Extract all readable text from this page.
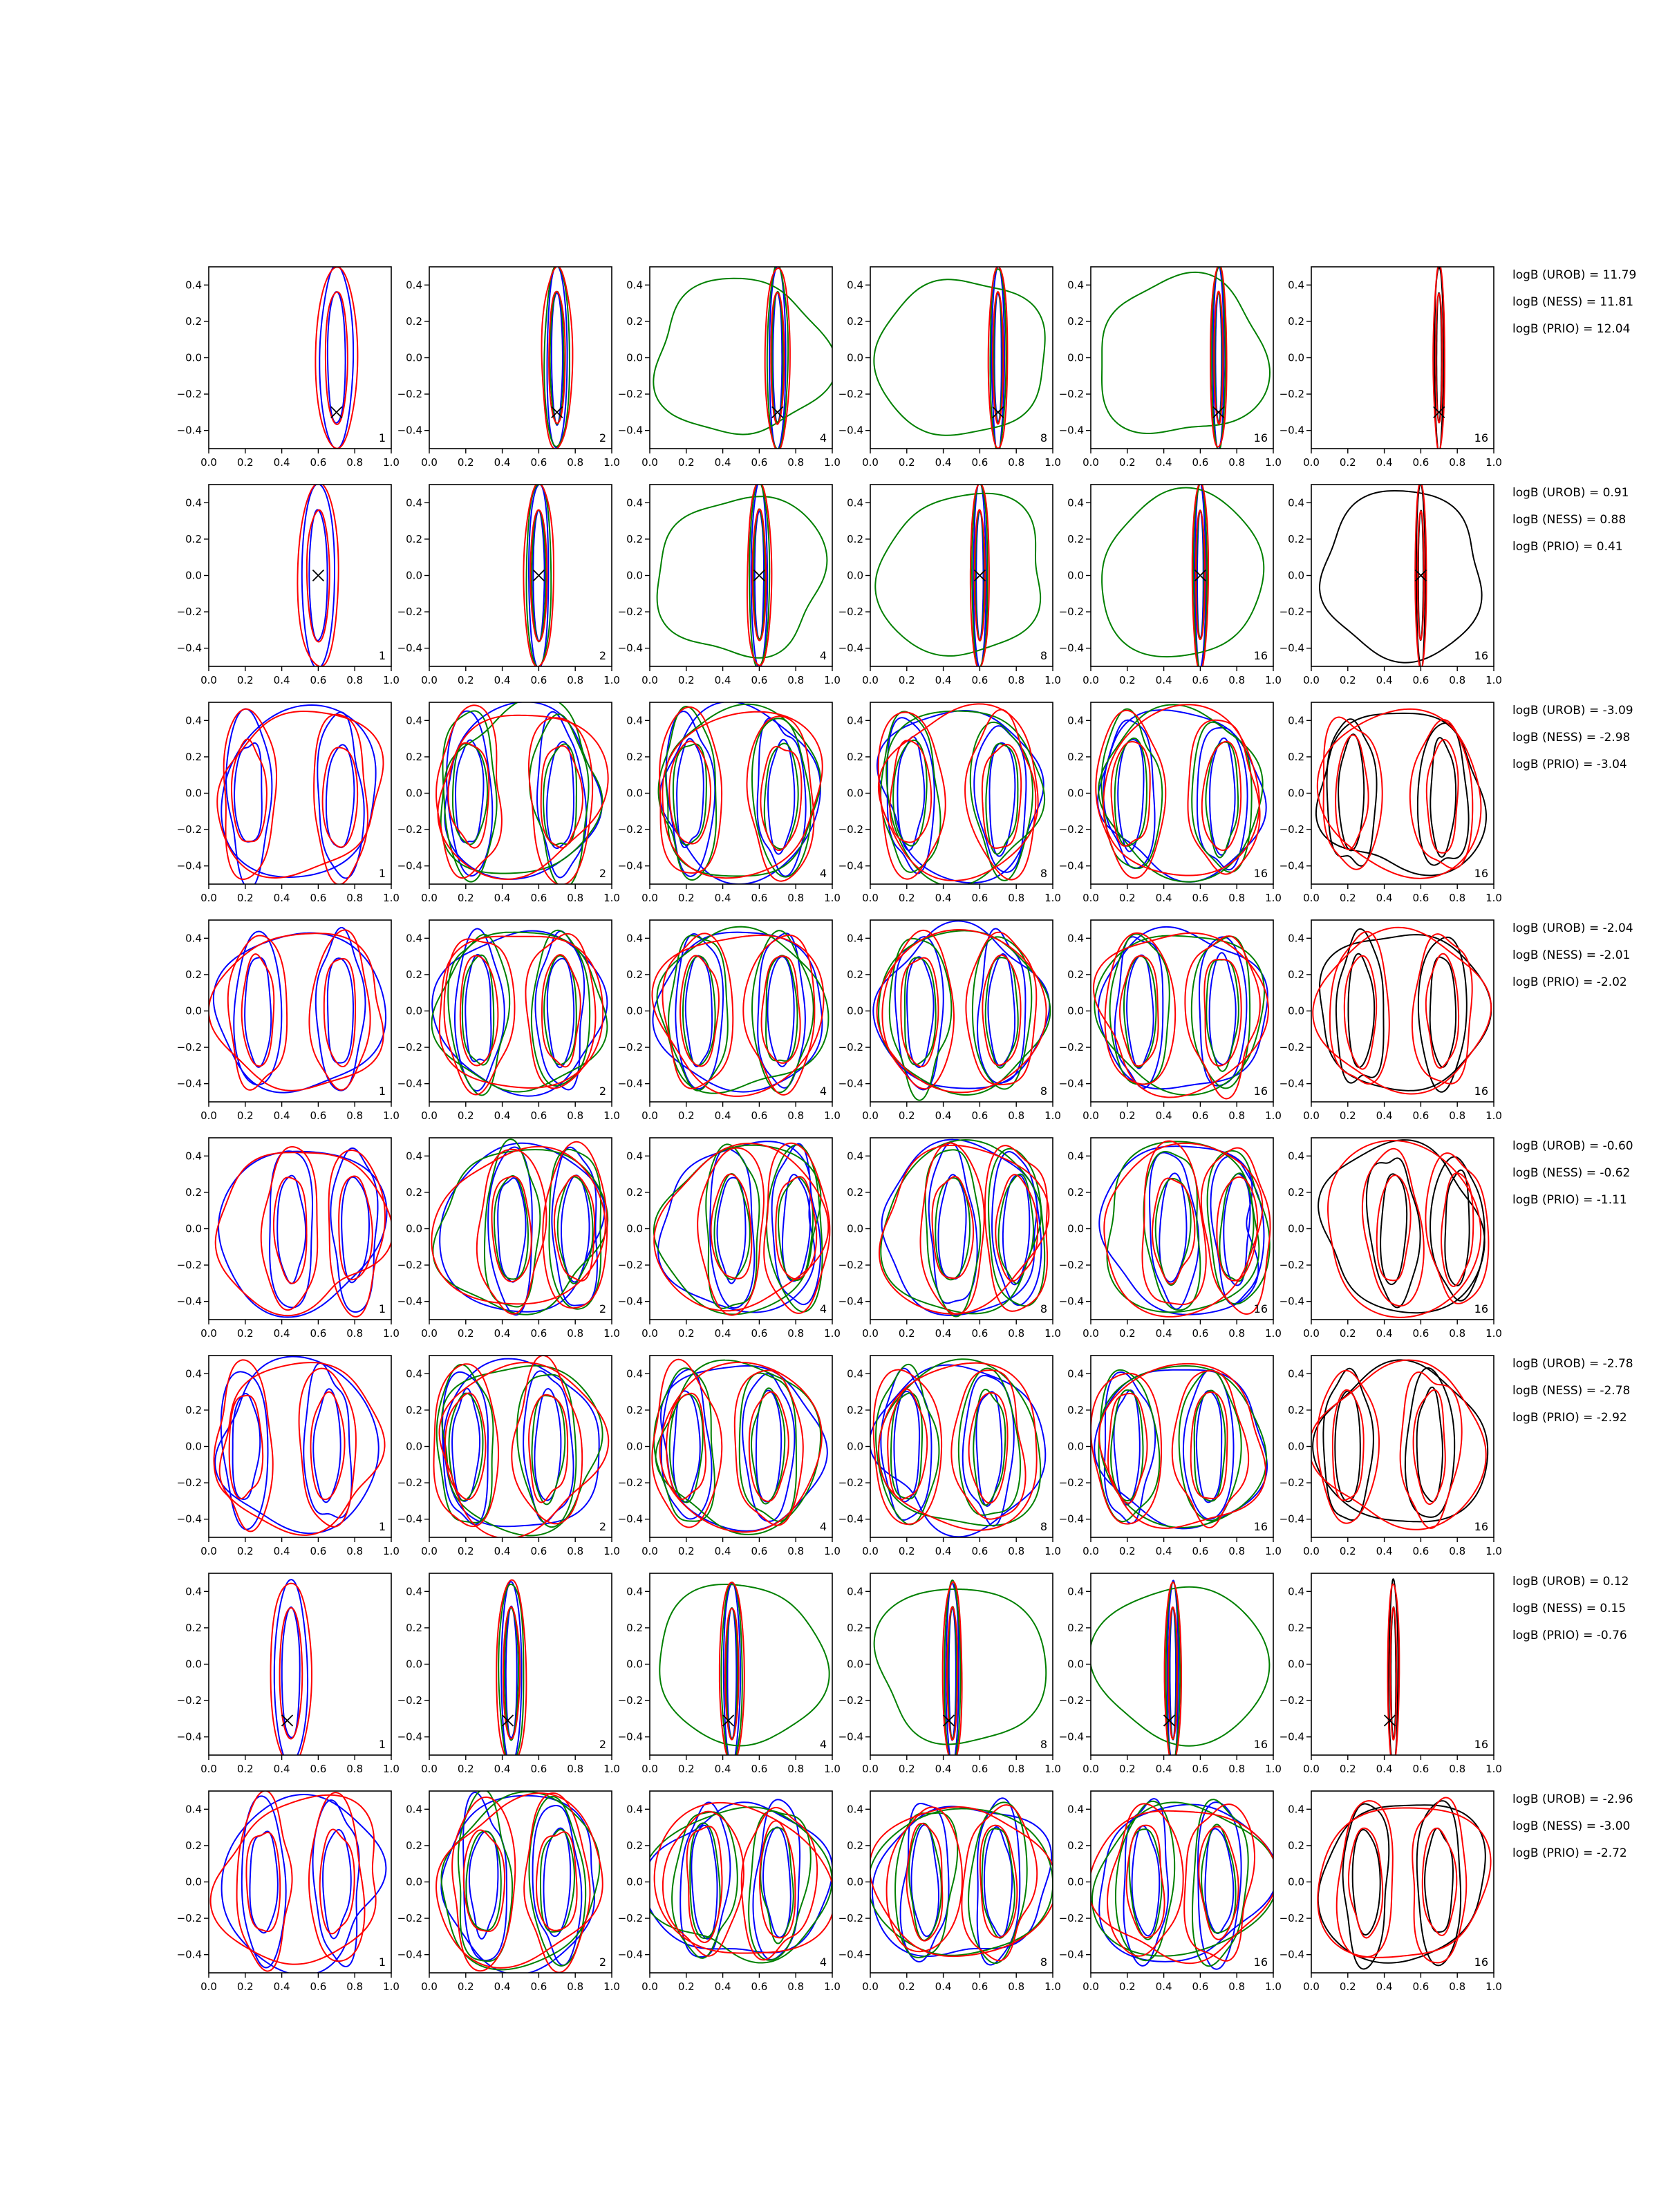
0.0 0.2 0.4 0.6 0.8 1.0
−0.4
−0.2
0.0
0.2
0.4
1
0.0 0.2 0.4 0.6 0.8 1.0
−0.4
−0.2
0.0
0.2
0.4
2
0.0 0.2 0.4 0.6 0.8 1.0
−0.4
−0.2
0.0
0.2
0.4
4
0.0 0.2 0.4 0.6 0.8 1.0
−0.4
−0.2
0.0
0.2
0.4
8
0.0 0.2 0.4 0.6 0.8 1.0
−0.4
−0.2
0.0
0.2
0.4
16
0.0 0.2 0.4 0.6 0.8 1.0
−0.4
−0.2
0.0
0.2
0.4
16
0.0 0.2 0.4 0.6 0.8 1.0
−0.4
−0.2
0.0
0.2
0.4
1
0.0 0.2 0.4 0.6 0.8 1.0
−0.4
−0.2
0.0
0.2
0.4
2
0.0 0.2 0.4 0.6 0.8 1.0
−0.4
−0.2
0.0
0.2
0.4
4
0.0 0.2 0.4 0.6 0.8 1.0
−0.4
−0.2
0.0
0.2
0.4
8
0.0 0.2 0.4 0.6 0.8 1.0
−0.4
−0.2
0.0
0.2
0.4
16
0.0 0.2 0.4 0.6 0.8 1.0
−0.4
−0.2
0.0
0.2
0.4
16
0.0 0.2 0.4 0.6 0.8 1.0
−0.4
−0.2
0.0
0.2
0.4
1
0.0 0.2 0.4 0.6 0.8 1.0
−0.4
−0.2
0.0
0.2
0.4
2
0.0 0.2 0.4 0.6 0.8 1.0
−0.4
−0.2
0.0
0.2
0.4
4
0.0 0.2 0.4 0.6 0.8 1.0
−0.4
−0.2
0.0
0.2
0.4
8
0.0 0.2 0.4 0.6 0.8 1.0
−0.4
−0.2
0.0
0.2
0.4
16
0.0 0.2 0.4 0.6 0.8 1.0
−0.4
−0.2
0.0
0.2
0.4
16
0.0 0.2 0.4 0.6 0.8 1.0
−0.4
−0.2
0.0
0.2
0.4
1
0.0 0.2 0.4 0.6 0.8 1.0
−0.4
−0.2
0.0
0.2
0.4
2
0.0 0.2 0.4 0.6 0.8 1.0
−0.4
−0.2
0.0
0.2
0.4
4
0.0 0.2 0.4 0.6 0.8 1.0
−0.4
−0.2
0.0
0.2
0.4
8
0.0 0.2 0.4 0.6 0.8 1.0
−0.4
−0.2
0.0
0.2
0.4
16
0.0 0.2 0.4 0.6 0.8 1.0
−0.4
−0.2
0.0
0.2
0.4
16
0.0 0.2 0.4 0.6 0.8 1.0
−0.4
−0.2
0.0
0.2
0.4
1
0.0 0.2 0.4 0.6 0.8 1.0
−0.4
−0.2
0.0
0.2
0.4
2
0.0 0.2 0.4 0.6 0.8 1.0
−0.4
−0.2
0.0
0.2
0.4
4
0.0 0.2 0.4 0.6 0.8 1.0
−0.4
−0.2
0.0
0.2
0.4
8
0.0 0.2 0.4 0.6 0.8 1.0
−0.4
−0.2
0.0
0.2
0.4
16
0.0 0.2 0.4 0.6 0.8 1.0
−0.4
−0.2
0.0
0.2
0.4
16
0.0 0.2 0.4 0.6 0.8 1.0
−0.4
−0.2
0.0
0.2
0.4
1
0.0 0.2 0.4 0.6 0.8 1.0
−0.4
−0.2
0.0
0.2
0.4
2
0.0 0.2 0.4 0.6 0.8 1.0
−0.4
−0.2
0.0
0.2
0.4
4
0.0 0.2 0.4 0.6 0.8 1.0
−0.4
−0.2
0.0
0.2
0.4
8
0.0 0.2 0.4 0.6 0.8 1.0
−0.4
−0.2
0.0
0.2
0.4
16
0.0 0.2 0.4 0.6 0.8 1.0
−0.4
−0.2
0.0
0.2
0.4
16
0.0 0.2 0.4 0.6 0.8 1.0
−0.4
−0.2
0.0
0.2
0.4
1
0.0 0.2 0.4 0.6 0.8 1.0
−0.4
−0.2
0.0
0.2
0.4
2
0.0 0.2 0.4 0.6 0.8 1.0
−0.4
−0.2
0.0
0.2
0.4
4
0.0 0.2 0.4 0.6 0.8 1.0
−0.4
−0.2
0.0
0.2
0.4
8
0.0 0.2 0.4 0.6 0.8 1.0
−0.4
−0.2
0.0
0.2
0.4
16
0.0 0.2 0.4 0.6 0.8 1.0
−0.4
−0.2
0.0
0.2
0.4
16
0.0 0.2 0.4 0.6 0.8 1.0
−0.4
−0.2
0.0
0.2
0.4
1
0.0 0.2 0.4 0.6 0.8 1.0
−0.4
−0.2
0.0
0.2
0.4
2
0.0 0.2 0.4 0.6 0.8 1.0
−0.4
−0.2
0.0
0.2
0.4
4
0.0 0.2 0.4 0.6 0.8 1.0
−0.4
−0.2
0.0
0.2
0.4
8
0.0 0.2 0.4 0.6 0.8 1.0
−0.4
−0.2
0.0
0.2
0.4
16
0.0 0.2 0.4 0.6 0.8 1.0
−0.4
−0.2
0.0
0.2
0.4
16
logB (UROB) = 11.79
logB (NESS) = 11.81
logB (PRIO) = 12.04
logB (UROB) = 0.91
logB (NESS) = 0.88
logB (PRIO) = 0.41
logB (UROB) = -3.09
logB (NESS) = -2.98
logB (PRIO) = -3.04
logB (UROB) = -2.04
logB (NESS) = -2.01
logB (PRIO) = -2.02
logB (UROB) = -0.60
logB (NESS) = -0.62
logB (PRIO) = -1.11
logB (UROB) = -2.78
logB (NESS) = -2.78
logB (PRIO) = -2.92
logB (UROB) = 0.12
logB (NESS) = 0.15
logB (PRIO) = -0.76
logB (UROB) = -2.96
logB (NESS) = -3.00
logB (PRIO) = -2.72
